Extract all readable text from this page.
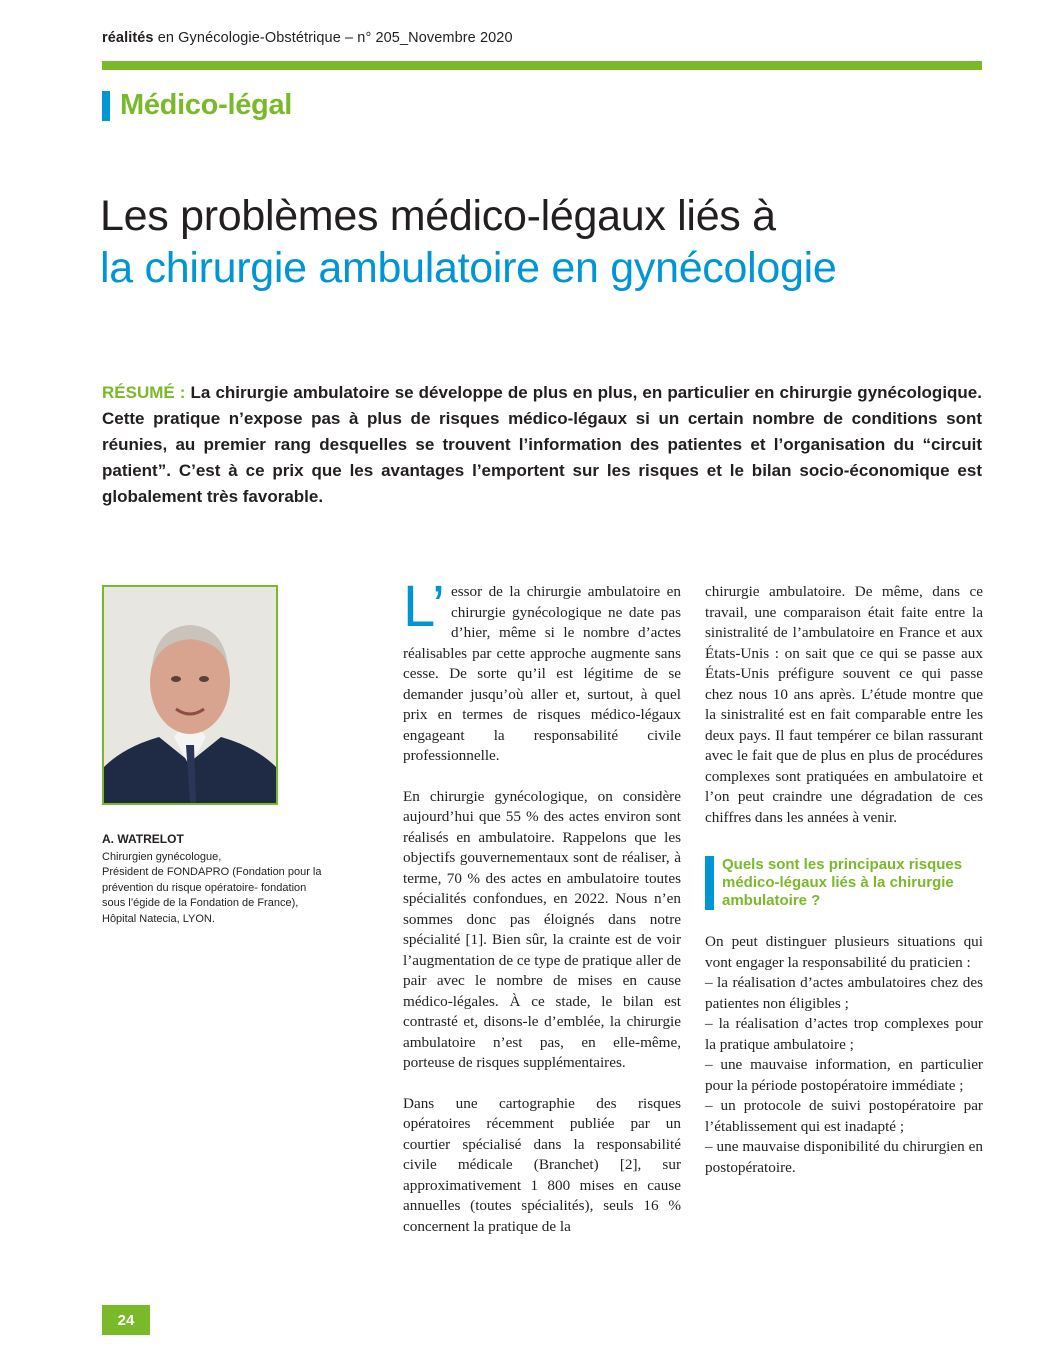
réalités en Gynécologie-Obstétrique – n° 205_Novembre 2020
Médico-légal
Les problèmes médico-légaux liés à
la chirurgie ambulatoire en gynécologie
RÉSUMÉ : La chirurgie ambulatoire se développe de plus en plus, en particulier en chirurgie gynécologique. Cette pratique n’expose pas à plus de risques médico-légaux si un certain nombre de conditions sont réunies, au premier rang desquelles se trouvent l’information des patientes et l’organisation du “circuit patient”. C’est à ce prix que les avantages l’emportent sur les risques et le bilan socio-économique est globalement très favorable.
A. WATRELOT
Chirurgien gynécologue,
Président de FONDAPRO (Fondation pour la prévention du risque opératoire- fondation sous l’égide de la Fondation de France),
Hôpital Natecia, LYON.

L’ essor de la chirurgie ambulatoire en chirurgie gynécologique ne date pas d’hier, même si le nombre d’actes réalisables par cette approche augmente sans cesse. De sorte qu’il est légitime de se demander jusqu’où aller et, surtout, à quel prix en termes de risques médico-légaux engageant la responsabilité civile professionnelle.

En chirurgie gynécologique, on considère aujourd’hui que 55 % des actes environ sont réalisés en ambulatoire. Rappelons que les objectifs gouvernementaux sont de réaliser, à terme, 70 % des actes en ambulatoire toutes spécialités confondues, en 2022. Nous n’en sommes donc pas éloignés dans notre spécialité [1]. Bien sûr, la crainte est de voir l’augmentation de ce type de pratique aller de pair avec le nombre de mises en cause médico-légales. À ce stade, le bilan est contrasté et, disons-le d’emblée, la chirurgie ambulatoire n’est pas, en elle-même, porteuse de risques supplémentaires.

Dans une cartographie des risques opératoires récemment publiée par un courtier spécialisé dans la responsabilité civile médicale (Branchet) [2], sur approximativement 1 800 mises en cause annuelles (toutes spécialités), seuls 16 % concernent la pratique de la

chirurgie ambulatoire. De même, dans ce travail, une comparaison était faite entre la sinistralité de l’ambulatoire en France et aux États-Unis : on sait que ce qui se passe aux États-Unis préfigure souvent ce qui passe chez nous 10 ans après. L’étude montre que la sinistralité est en fait comparable entre les deux pays. Il faut tempérer ce bilan rassurant avec le fait que de plus en plus de procédures complexes sont pratiquées en ambulatoire et l’on peut craindre une dégradation de ces chiffres dans les années à venir.

Quels sont les principaux risques médico-légaux liés à la chirurgie ambulatoire ?

On peut distinguer plusieurs situations qui vont engager la responsabilité du praticien :

– la réalisation d’actes ambulatoires chez des patientes non éligibles ;

– la réalisation d’actes trop complexes pour la pratique ambulatoire ;

– une mauvaise information, en particulier pour la période postopératoire immédiate ;

– un protocole de suivi postopératoire par l’établissement qui est inadapté ;

– une mauvaise disponibilité du chirurgien en postopératoire.

24
